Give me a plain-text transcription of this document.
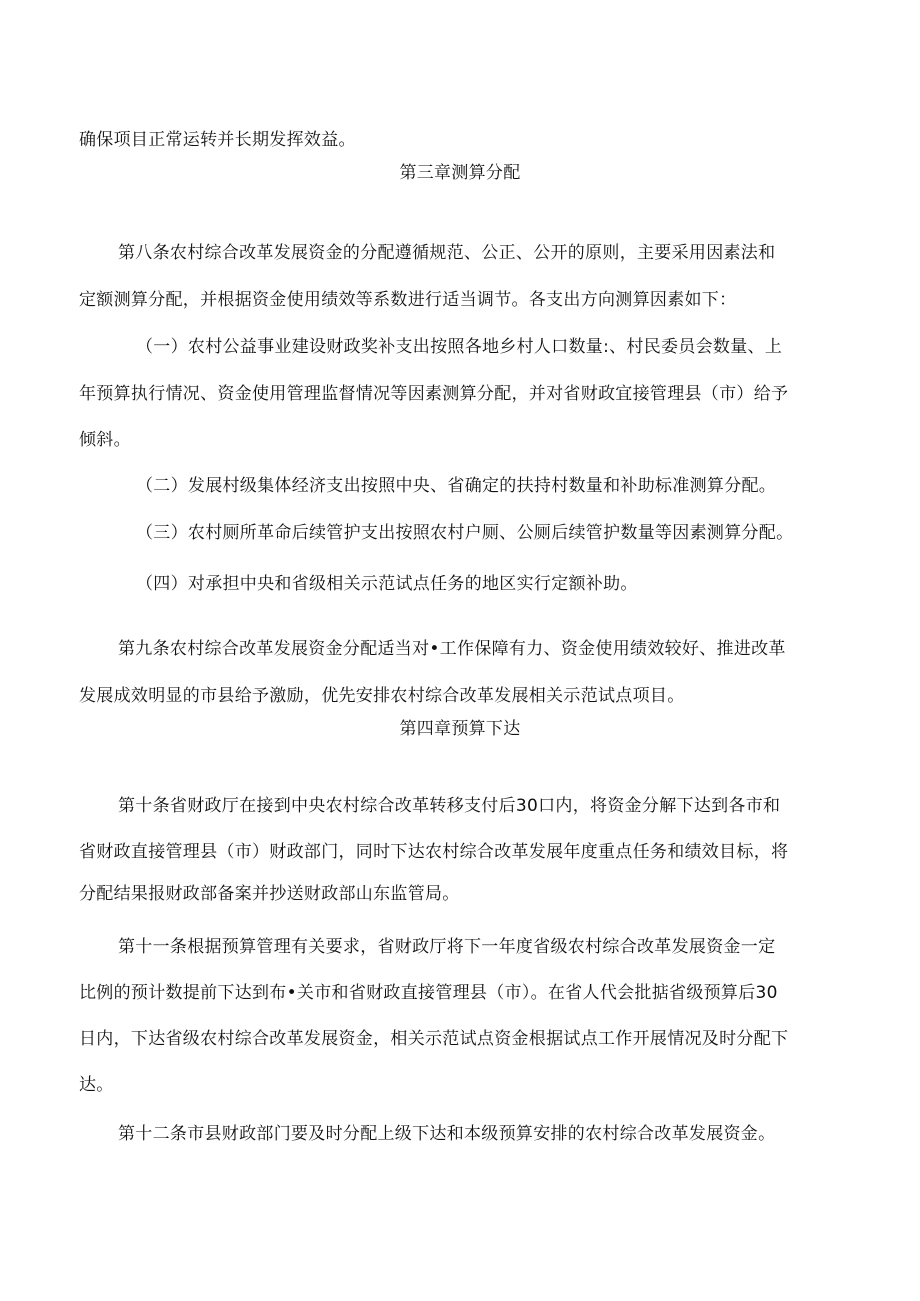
确保项目正常运转并长期发挥效益。
第三章测算分配
第八条农村综合改革发展资金的分配遵循规范、公正、公开的原则，主要采用因素法和
定额测算分配，并根据资金使用绩效等系数进行适当调节。各支出方向测算因素如下：
（一）农村公益事业建设财政奖补支出按照各地乡村人口数量:、村民委员会数量、上
年预算执行情况、资金使用管理监督情况等因素测算分配，并对省财政宜接管理县（市）给予
倾斜。
（二）发展村级集体经济支出按照中央、省确定的扶持村数量和补助标准测算分配。
（三）农村厕所革命后续管护支出按照农村户厕、公厕后续管护数量等因素测算分配。
（四）对承担中央和省级相关示范试点任务的地区实行定额补助。
第九条农村综合改革发展资金分配适当对•工作保障有力、资金使用绩效较好、推进改革
发展成效明显的市县给予激励，优先安排农村综合改革发展相关示范试点项目。
第四章预算下达
第十条省财政厅在接到中央农村综合改革转移支付后30口内，将资金分解下达到各市和
省财政直接管理县（市）财政部门，同时下达农村综合改革发展年度重点任务和绩效目标，将
分配结果报财政部备案并抄送财政部山东监管局。
第十一条根据预算管理有关要求，省财政厅将下一年度省级农村综合改革发展资金一定
比例的预计数提前下达到布•关市和省财政直接管理县（市）。在省人代会批掂省级预算后30
日内，下达省级农村综合改革发展资金，相关示范试点资金根据试点工作开展情况及时分配下
达。
第十二条市县财政部门要及时分配上级下达和本级预算安排的农村综合改革发展资金。
